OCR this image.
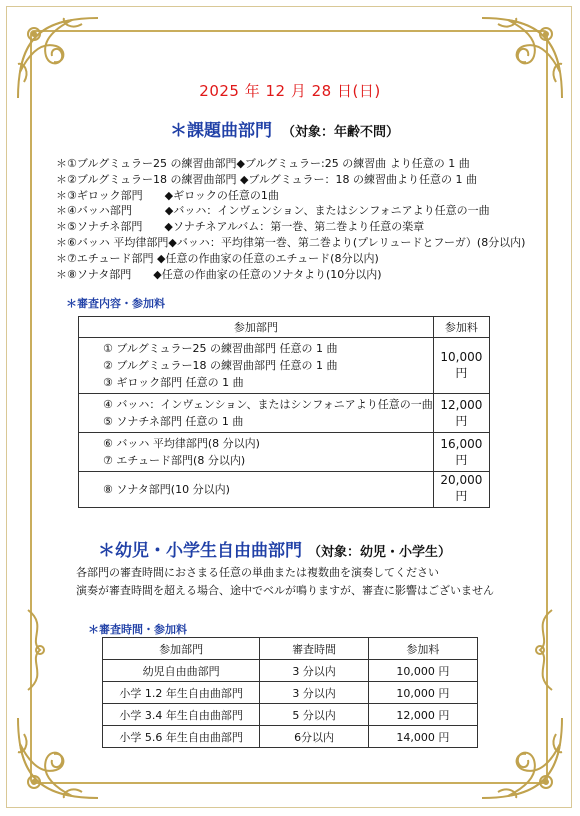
2025 年 12 月 28 日(日)
＊課題曲部門 （対象：年齢不問）
＊①ブルグミュラー25 の練習曲部門◆ブルグミュラー:25 の練習曲 より任意の 1 曲
＊②ブルグミュラー18 の練習曲部門 ◆ブルグミュラー：18 の練習曲より任意の 1 曲
＊③ギロック部門　　◆ギロックの任意の1曲
＊④バッハ部門　　　◆バッハ：インヴェンション、またはシンフォニアより任意の一曲
＊⑤ソナチネ部門　　◆ソナチネアルバム：第一巻、第二巻より任意の楽章
＊⑥バッハ 平均律部門◆バッハ：平均律第一巻、第二巻より(プレリュードとフーガ）(8分以内)
＊⑦エチュード部門 ◆任意の作曲家の任意のエチュード(8分以内)
＊⑧ソナタ部門　　◆任意の作曲家の任意のソナタより(10分以内)
＊審査内容・参加料
参加部門	参加料

① ブルグミュラー25 の練習曲部門 任意の 1 曲
② ブルグミュラー18 の練習曲部門 任意の 1 曲
③ ギロック部門 任意の 1 曲	10,000 円

④ バッハ：インヴェンション、またはシンフォニアより任意の一曲
⑤ ソナチネ部門 任意の 1 曲	12,000 円

⑥ バッハ 平均律部門(8 分以内)
⑦ エチュード部門(8 分以内)	16,000 円

⑧ ソナタ部門(10 分以内)	20,000 円
＊幼児・小学生自由曲部門 （対象：幼児・小学生）
各部門の審査時間におさまる任意の単曲または複数曲を演奏してください
演奏が審査時間を超える場合、途中でベルが鳴りますが、審査に影響はございません
＊審査時間・参加料
参加部門	審査時間	参加料
幼児自由曲部門	3 分以内	10,000 円
小学 1.2 年生自由曲部門	3 分以内	10,000 円
小学 3.4 年生自由曲部門	5 分以内	12,000 円
小学 5.6 年生自由曲部門	6分以内	14,000 円
